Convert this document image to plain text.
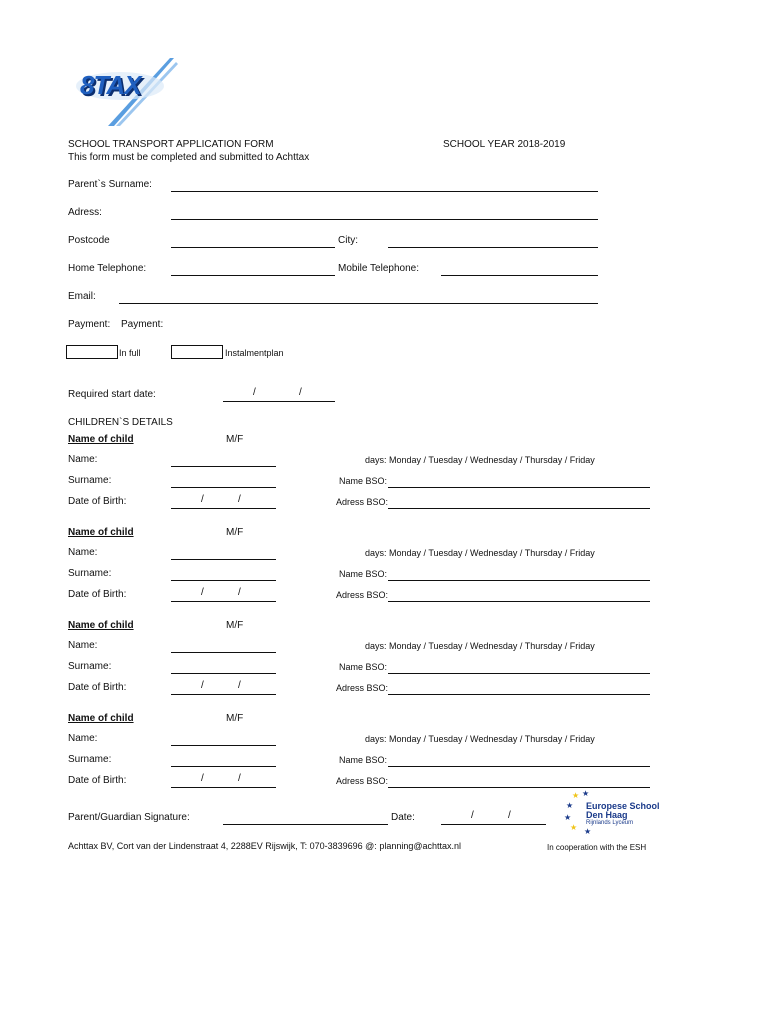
8TAX
SCHOOL TRANSPORT APPLICATION FORM
This form must be completed and submitted to Achttax
SCHOOL YEAR 2018-2019
Parent`s Surname:
Adress:
Postcode	City:
Home Telephone:	Mobile Telephone:
Email:
Payment: Payment:
In full	Instalmentplan
Required start date:	/	/
CHILDREN`S DETAILS
Name of child	M/F
Name:	days: Monday / Tuesday / Wednesday / Thursday / Friday
Surname:	Name BSO:
Date of Birth:	/	/	Adress BSO:
Name of child	M/F
Name:	days: Monday / Tuesday / Wednesday / Thursday / Friday
Surname:	Name BSO:
Date of Birth:	/	/	Adress BSO:
Name of child	M/F
Name:	days: Monday / Tuesday / Wednesday / Thursday / Friday
Surname:	Name BSO:
Date of Birth:	/	/	Adress BSO:
Name of child	M/F
Name:	days: Monday / Tuesday / Wednesday / Thursday / Friday
Surname:	Name BSO:
Date of Birth:	/	/	Adress BSO:
Parent/Guardian Signature:	Date:	/	/
★
★
★
★ ★
★
Europese School
Den Haag
Rijnlands Lyceum
Achttax BV, Cort van der Lindenstraat 4, 2288EV Rijswijk, T: 070-3839696 @: planning@achttax.nl	In cooperation with the ESH
